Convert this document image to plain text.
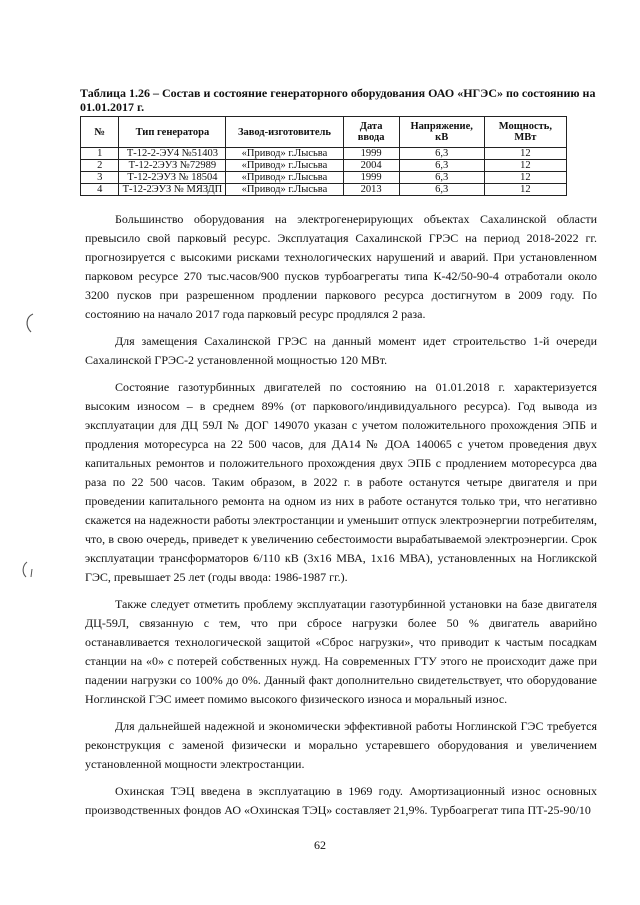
Таблица 1.26 – Состав и состояние генераторного оборудования ОАО «НГЭС» по состоянию на 01.01.2017 г.
№	Тип генератора	Завод-изготовитель	Дата ввода	Напряжение, кВ	Мощность, МВт
1	Т-12-2-ЭУ4 №51403	«Привод» г.Лысьва	1999	6,3	12
2	Т-12-2ЭУЗ №72989	«Привод» г.Лысьва	2004	6,3	12
3	Т-12-2ЭУЗ № 18504	«Привод» г.Лысьва	1999	6,3	12
4	Т-12-2ЭУЗ № МЯЗДП	«Привод» г.Лысьва	2013	6,3	12

Большинство оборудования на электрогенерирующих объектах Сахалинской области превысило свой парковый ресурс. Эксплуатация Сахалинской ГРЭС на период 2018-2022 гг. прогнозируется с высокими рисками технологических нарушений и аварий. При установленном парковом ресурсе 270 тыс.часов/900 пусков турбоагрегаты типа К-42/50-90-4 отработали около 3200 пусков при разрешенном продлении паркового ресурса достигнутом в 2009 году. По состоянию на начало 2017 года парковый ресурс продлялся 2 раза.

Для замещения Сахалинской ГРЭС на данный момент идет строительство 1-й очереди Сахалинской ГРЭС-2 установленной мощностью 120 МВт.

Состояние газотурбинных двигателей по состоянию на 01.01.2018 г. характеризуется высоким износом – в среднем 89% (от паркового/индивидуального ресурса). Год вывода из эксплуатации для ДЦ 59Л № ДОГ 149070 указан с учетом положительного прохождения ЭПБ и продления моторесурса на 22 500 часов, для ДА14 № ДОА 140065 с учетом проведения двух капитальных ремонтов и положительного прохождения двух ЭПБ с продлением моторесурса два раза по 22 500 часов. Таким образом, в 2022 г. в работе останутся четыре двигателя и при проведении капитального ремонта на одном из них в работе останутся только три, что негативно скажется на надежности работы электростанции и уменьшит отпуск электроэнергии потребителям, что, в свою очередь, приведет к увеличению себестоимости вырабатываемой электроэнергии. Срок эксплуатации трансформаторов 6/110 кВ (3х16 МВА, 1х16 МВА), установленных на Ногликской ГЭС, превышает 25 лет (годы ввода: 1986-1987 гг.).

Также следует отметить проблему эксплуатации газотурбинной установки на базе двигателя ДЦ-59Л, связанную с тем, что при сбросе нагрузки более 50 % двигатель аварийно останавливается технологической защитой «Сброс нагрузки», что приводит к частым посадкам станции на «0» с потерей собственных нужд. На современных ГТУ этого не происходит даже при падении нагрузки со 100% до 0%. Данный факт дополнительно свидетельствует, что оборудование Ноглинской ГЭС имеет помимо высокого физического износа и моральный износ.

Для дальнейшей надежной и экономически эффективной работы Ноглинской ГЭС требуется реконструкция с заменой физически и морально устаревшего оборудования и увеличением установленной мощности электростанции.

Охинская ТЭЦ введена в эксплуатацию в 1969 году. Амортизационный износ основных производственных фондов АО «Охинская ТЭЦ» составляет 21,9%. Турбоагрегат типа ПТ-25-90/10

62
